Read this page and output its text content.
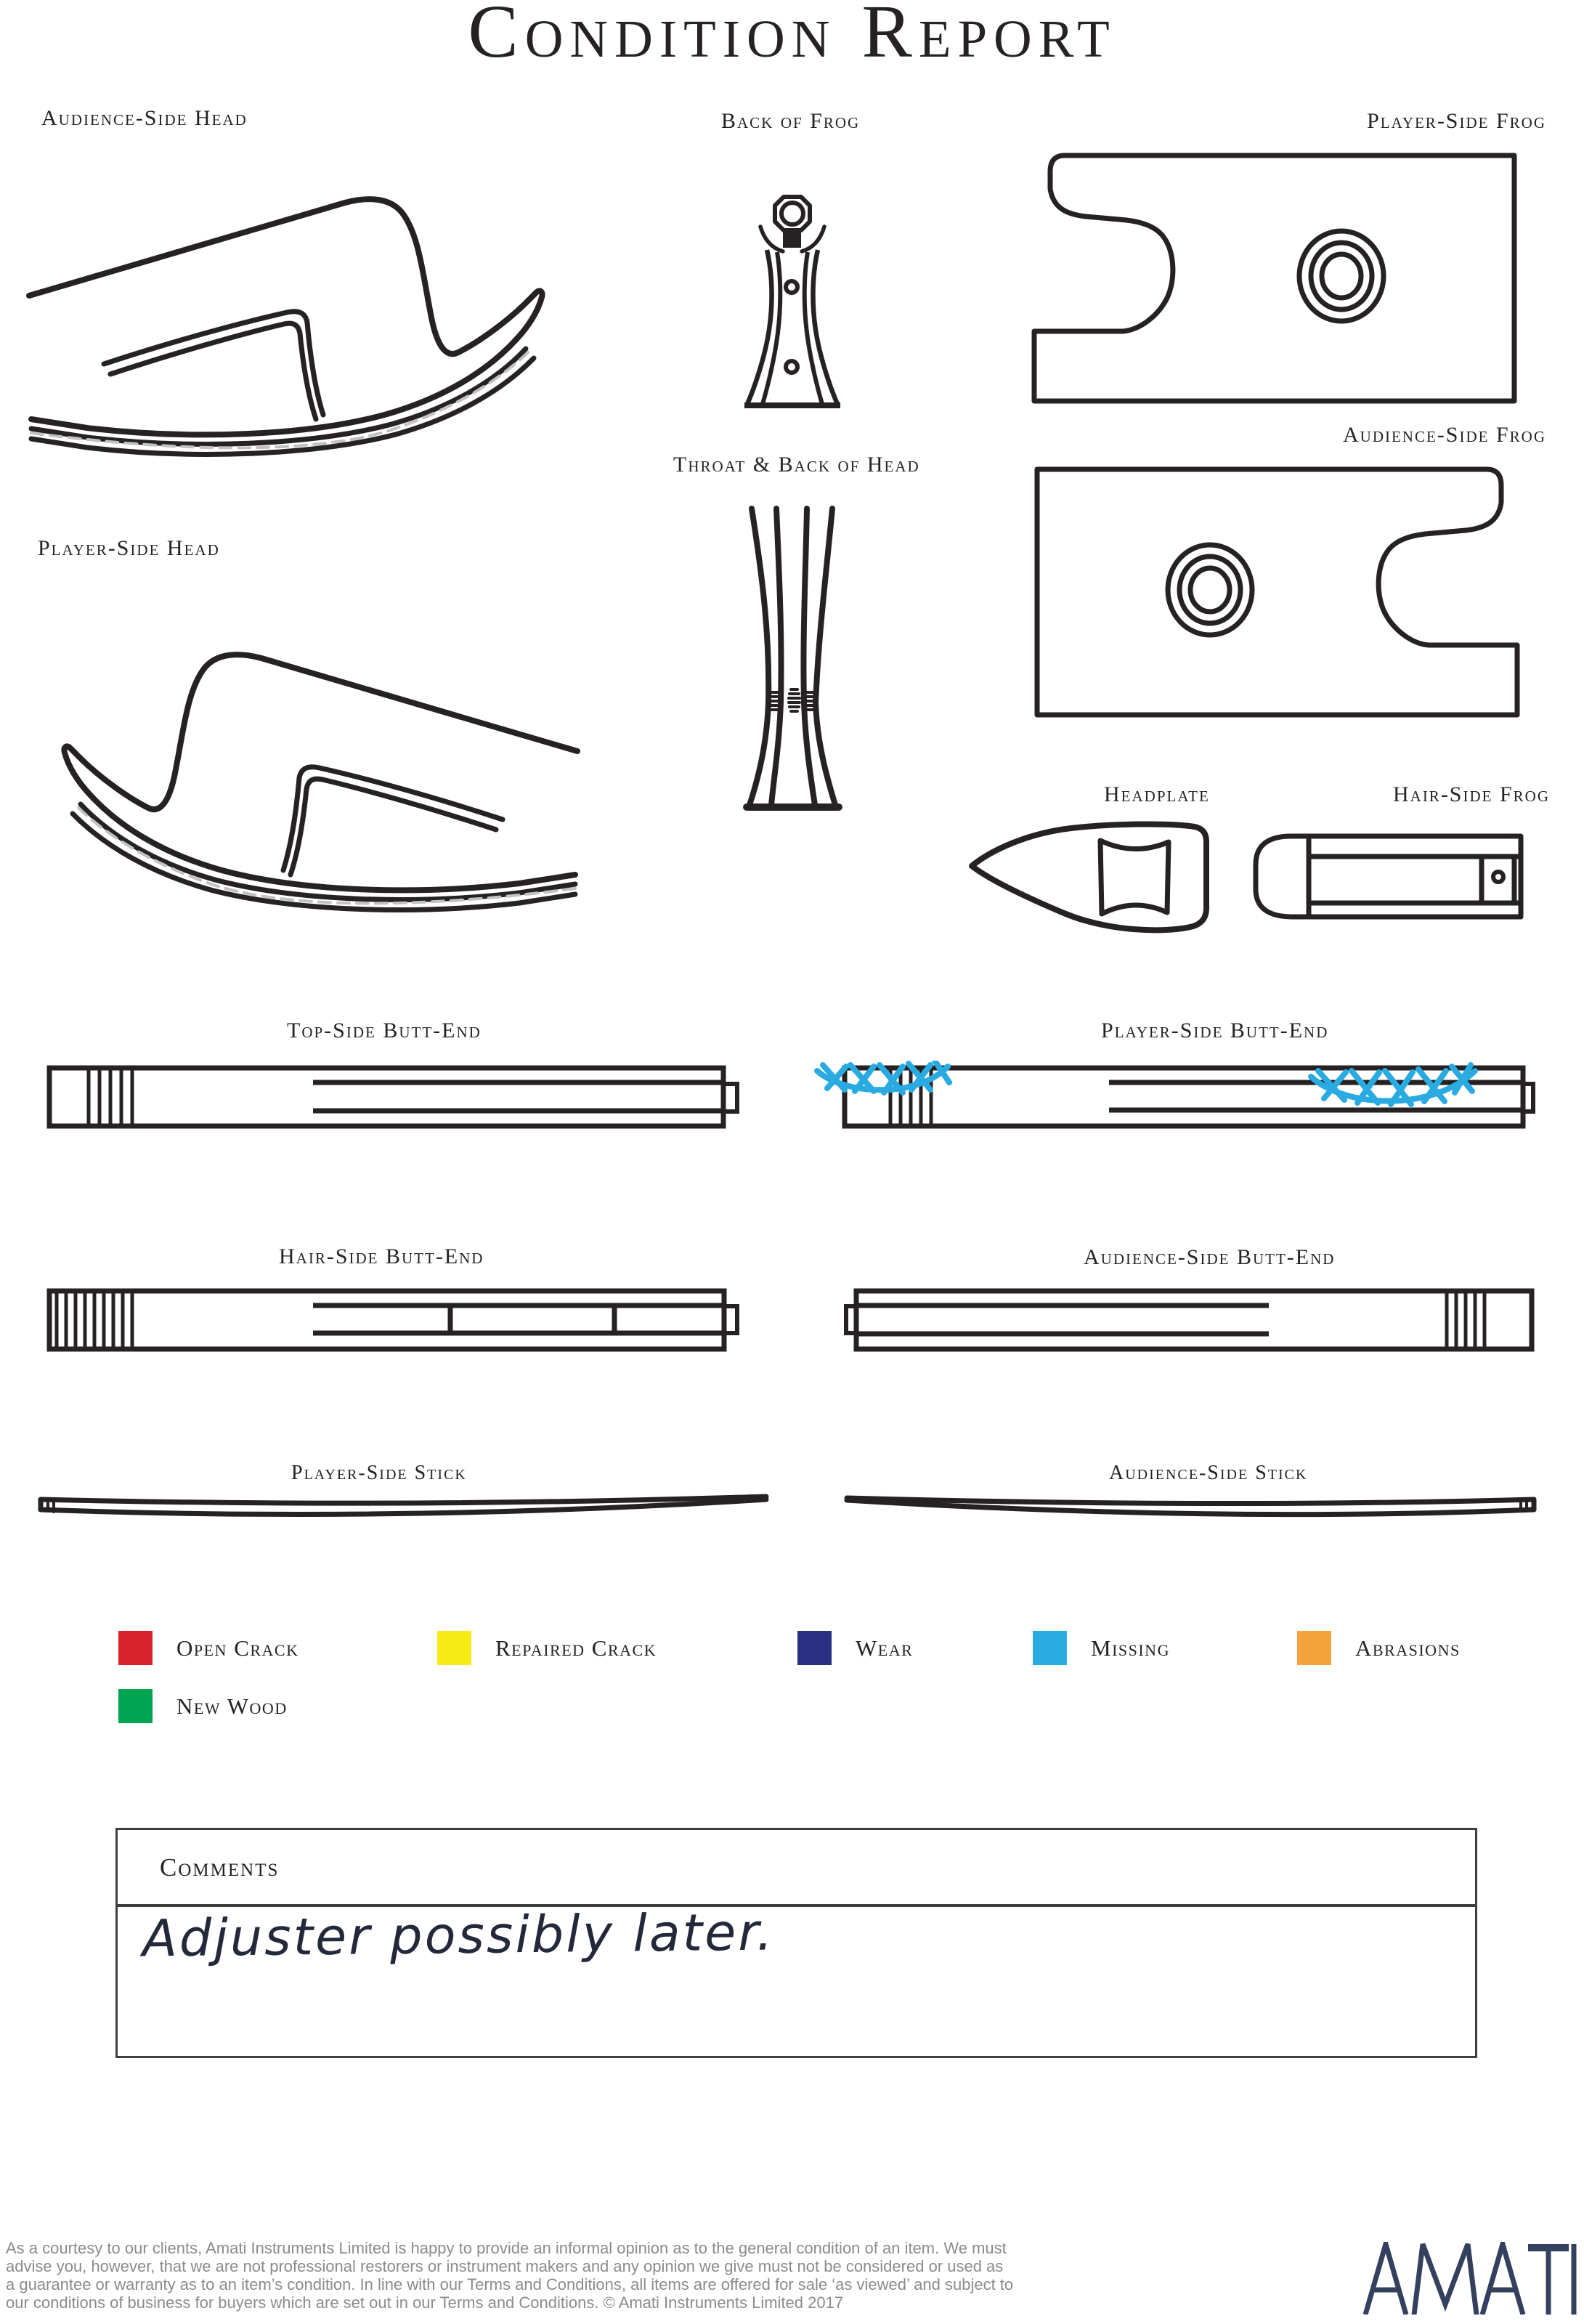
Condition Report
Audience-Side Head	Back of Frog	Player-Side Frog
Audience-Side Frog
Player-Side Head
Throat & Back of Head
Headplate	Hair-Side Frog
Top-Side Butt-End	Player-Side Butt-End
Hair-Side Butt-End	Audience-Side Butt-End
Player-Side Stick	Audience-Side Stick
Open Crack	Repaired Crack	Wear	Missing	Abrasions
New Wood
Comments
Adjuster possibly later.
As a courtesy to our clients, Amati Instruments Limited is happy to provide an informal opinion as to the general condition of an item. We must
advise you, however, that we are not professional restorers or instrument makers and any opinion we give must not be considered or used as
a guarantee or warranty as to an item’s condition. In line with our Terms and Conditions, all items are offered for sale ‘as viewed’ and subject to
our conditions of business for buyers which are set out in our Terms and Conditions. © Amati Instruments Limited 2017
